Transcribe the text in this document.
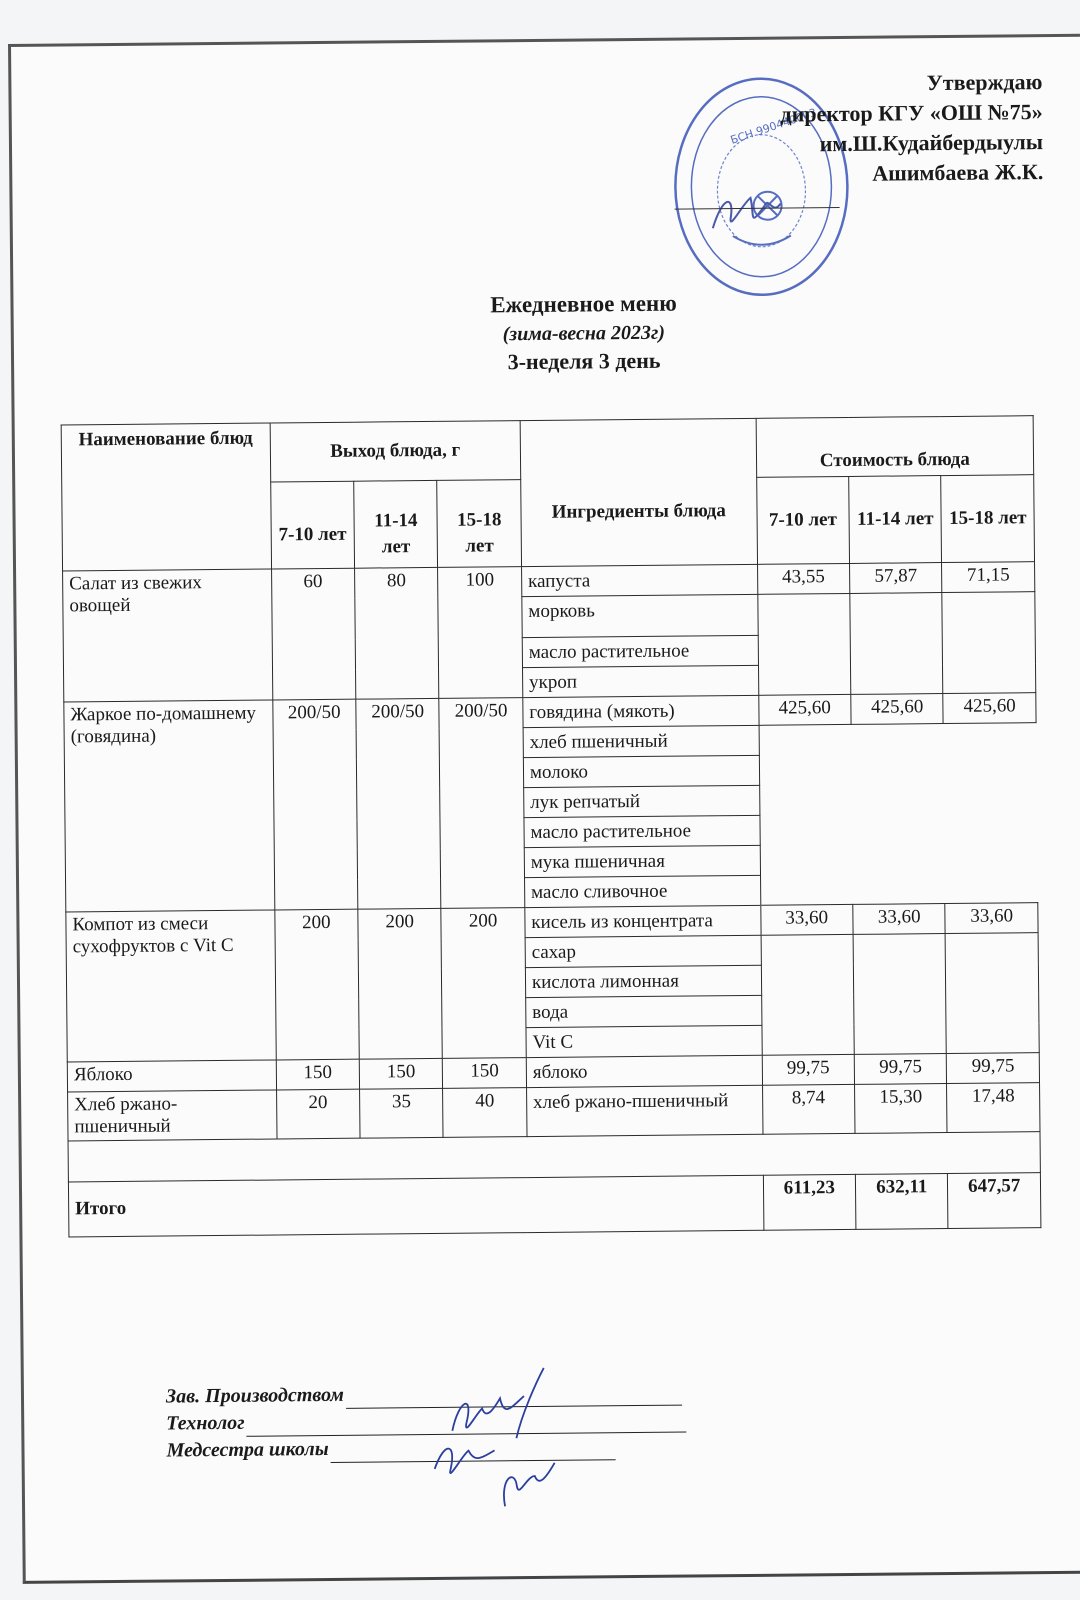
БСН 990440003...
Утверждаю
директор КГУ «ОШ №75»
им.Ш.Кудайбердыулы
Ашимбаева Ж.К.
Ежедневное меню
(зима-весна 2023г)
3-неделя 3 день
Наименование блюд	Выход блюда, г			Ингредиенты блюда	Стоимость блюда		
	7-10 лет	11-14 лет	15-18 лет		7-10 лет	11-14 лет	15-18 лет
Салат из свежих овощей	60	80	100	капуста	43,55	57,87	71,15
				морковь			
				масло растительное			
				укроп			
Жаркое по-домашнему (говядина)	200/50	200/50	200/50	говядина (мякоть)	425,60	425,60	425,60
				хлеб пшеничный			
				молоко			
				лук репчатый			
				масло растительное			
				мука пшеничная			
				масло сливочное			
Компот из смеси сухофруктов с Vit C	200	200	200	кисель из концентрата	33,60	33,60	33,60
				сахар			
				кислота лимонная			
				вода			
				Vit C			
Яблоко	150	150	150	яблоко	99,75	99,75	99,75
Хлеб ржано-пшеничный	20	35	40	хлеб ржано-пшеничный	8,74	15,30	17,48

Итого					611,23	632,11	647,57
Зав. Производством
Технолог
Медсестра школы
